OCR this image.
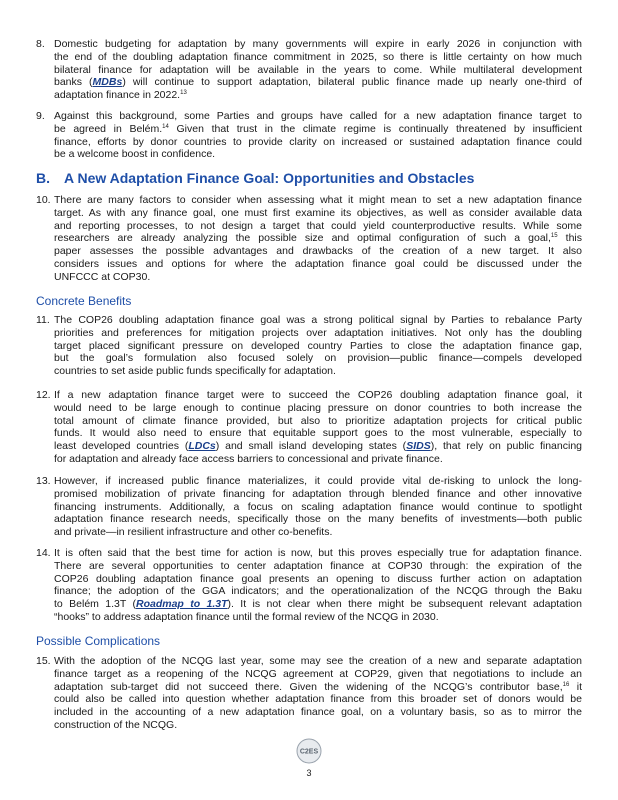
8. Domestic budgeting for adaptation by many governments will expire in early 2026 in conjunction with
the end of the doubling adaptation finance commitment in 2025, so there is little certainty on how much
bilateral finance for adaptation will be available in the years to come. While multilateral development
banks (MDBs) will continue to support adaptation, bilateral public finance made up nearly one-third of
adaptation finance in 2022.13
9. Against this background, some Parties and groups have called for a new adaptation finance target to
be agreed in Belém.$^{14}$ Given that trust in the climate regime is continually threatened by insufficient
finance, efforts by donor countries to provide clarity on increased or sustained adaptation finance could
be a welcome boost in confidence.
B. A New Adaptation Finance Goal: Opportunities and Obstacles
10. There are many factors to consider when assessing what it might mean to set a new adaptation finance
target. As with any finance goal, one must first examine its objectives, as well as consider available data
and reporting processes, to not design a target that could yield counterproductive results. While some
researchers are already analyzing the possible size and optimal configuration of such a goal,$^{15}$ this
paper assesses the possible advantages and drawbacks of the creation of a new target. It also
considers issues and options for where the adaptation finance goal could be discussed under the
UNFCCC at COP30.
Concrete Benefits
11. The COP26 doubling adaptation finance goal was a strong political signal by Parties to rebalance Party
priorities and preferences for mitigation projects over adaptation initiatives. Not only has the doubling
target placed significant pressure on developed country Parties to close the adaptation finance gap,
but the goal’s formulation also focused solely on provision—public finance—compels developed
countries to set aside public funds specifically for adaptation.
12. If a new adaptation finance target were to succeed the COP26 doubling adaptation finance goal, it
would need to be large enough to continue placing pressure on donor countries to both increase the
total amount of climate finance provided, but also to prioritize adaptation projects for critical public
funds. It would also need to ensure that equitable support goes to the most vulnerable, especially to
least developed countries (LDCs) and small island developing states (SIDS), that rely on public financing
for adaptation and already face access barriers to concessional and private finance.
13. However, if increased public finance materializes, it could provide vital de-risking to unlock the long-
promised mobilization of private financing for adaptation through blended finance and other innovative
financing instruments. Additionally, a focus on scaling adaptation finance would continue to spotlight
adaptation finance research needs, specifically those on the many benefits of investments—both public
and private—in resilient infrastructure and other co-benefits.
14. It is often said that the best time for action is now, but this proves especially true for adaptation finance.
There are several opportunities to center adaptation finance at COP30 through: the expiration of the
COP26 doubling adaptation finance goal presents an opening to discuss further action on adaptation
finance; the adoption of the GGA indicators; and the operationalization of the NCQG through the Baku
to Belém 1.3T (Roadmap to 1.3T). It is not clear when there might be subsequent relevant adaptation
“hooks” to address adaptation finance until the formal review of the NCQG in 2030.
Possible Complications
15. With the adoption of the NCQG last year, some may see the creation of a new and separate adaptation
finance target as a reopening of the NCQG agreement at COP29, given that negotiations to include an
adaptation sub-target did not succeed there. Given the widening of the NCQG’s contributor base,$^{16}$ it
could also be called into question whether adaptation finance from this broader set of donors would be
included in the accounting of a new adaptation finance goal, on a voluntary basis, so as to mirror the
construction of the NCQG.
C2ES
3
